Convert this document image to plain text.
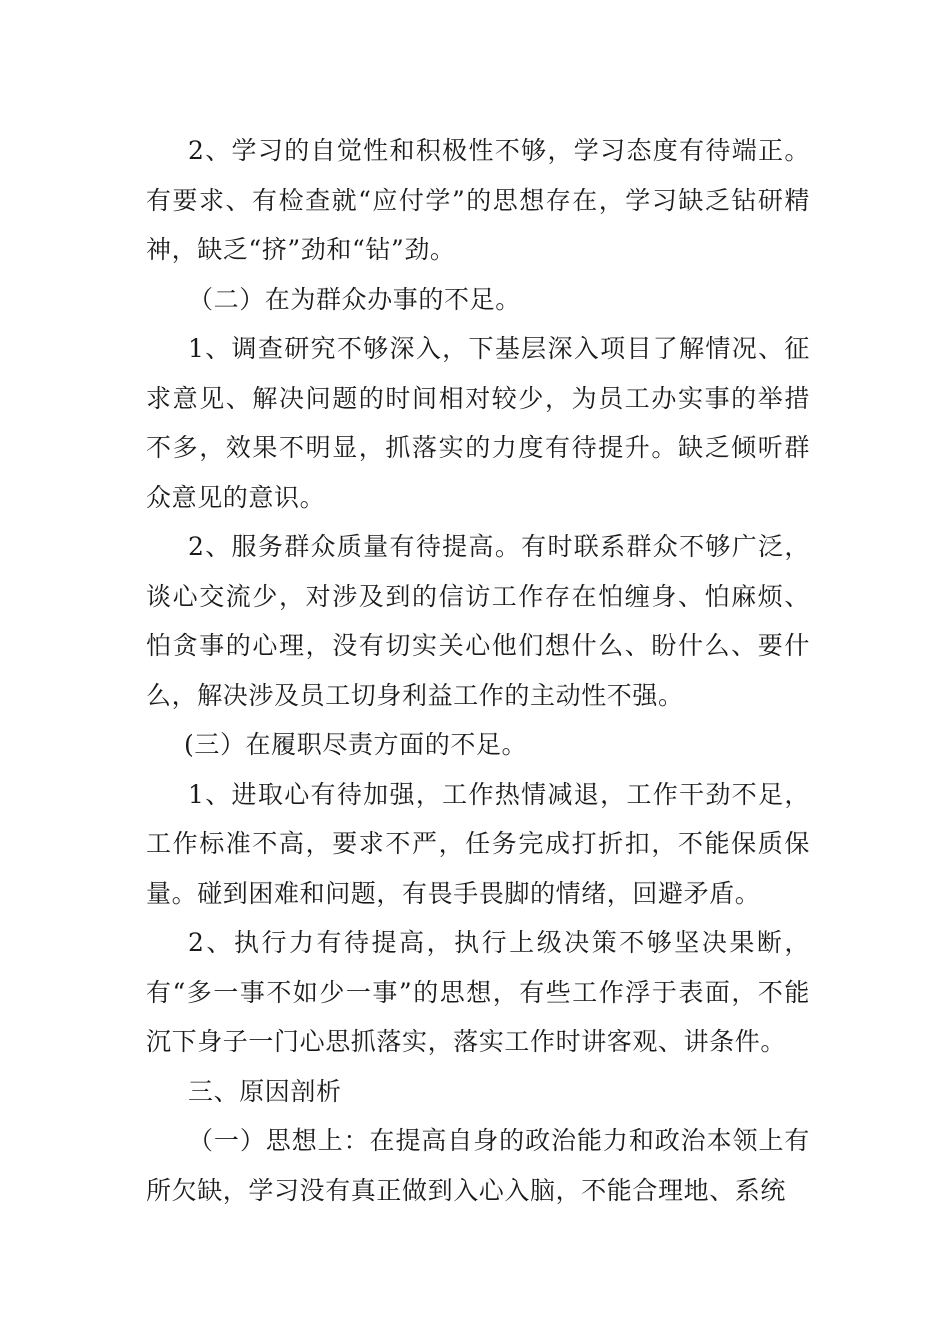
2、学习的自觉性和积极性不够，学习态度有待端正。有要求、有检查就“应付学”的思想存在，学习缺乏钻研精神，缺乏“挤”劲和“钻”劲。

（二）在为群众办事的不足。

1、调查研究不够深入，下基层深入项目了解情况、征求意见、解决问题的时间相对较少，为员工办实事的举措不多，效果不明显，抓落实的力度有待提升。缺乏倾听群众意见的意识。

2、服务群众质量有待提高。有时联系群众不够广泛，谈心交流少，对涉及到的信访工作存在怕缠身、怕麻烦、怕贪事的心理，没有切实关心他们想什么、盼什么、要什么，解决涉及员工切身利益工作的主动性不强。

(三）在履职尽责方面的不足。

1、进取心有待加强，工作热情减退，工作干劲不足，工作标准不高，要求不严，任务完成打折扣，不能保质保量。碰到困难和问题，有畏手畏脚的情绪，回避矛盾。

2、执行力有待提高，执行上级决策不够坚决果断，有“多一事不如少一事”的思想，有些工作浮于表面，不能沉下身子一门心思抓落实，落实工作时讲客观、讲条件。

三、原因剖析

（一）思想上：在提高自身的政治能力和政治本领上有所欠缺，学习没有真正做到入心入脑，不能合理地、系统
